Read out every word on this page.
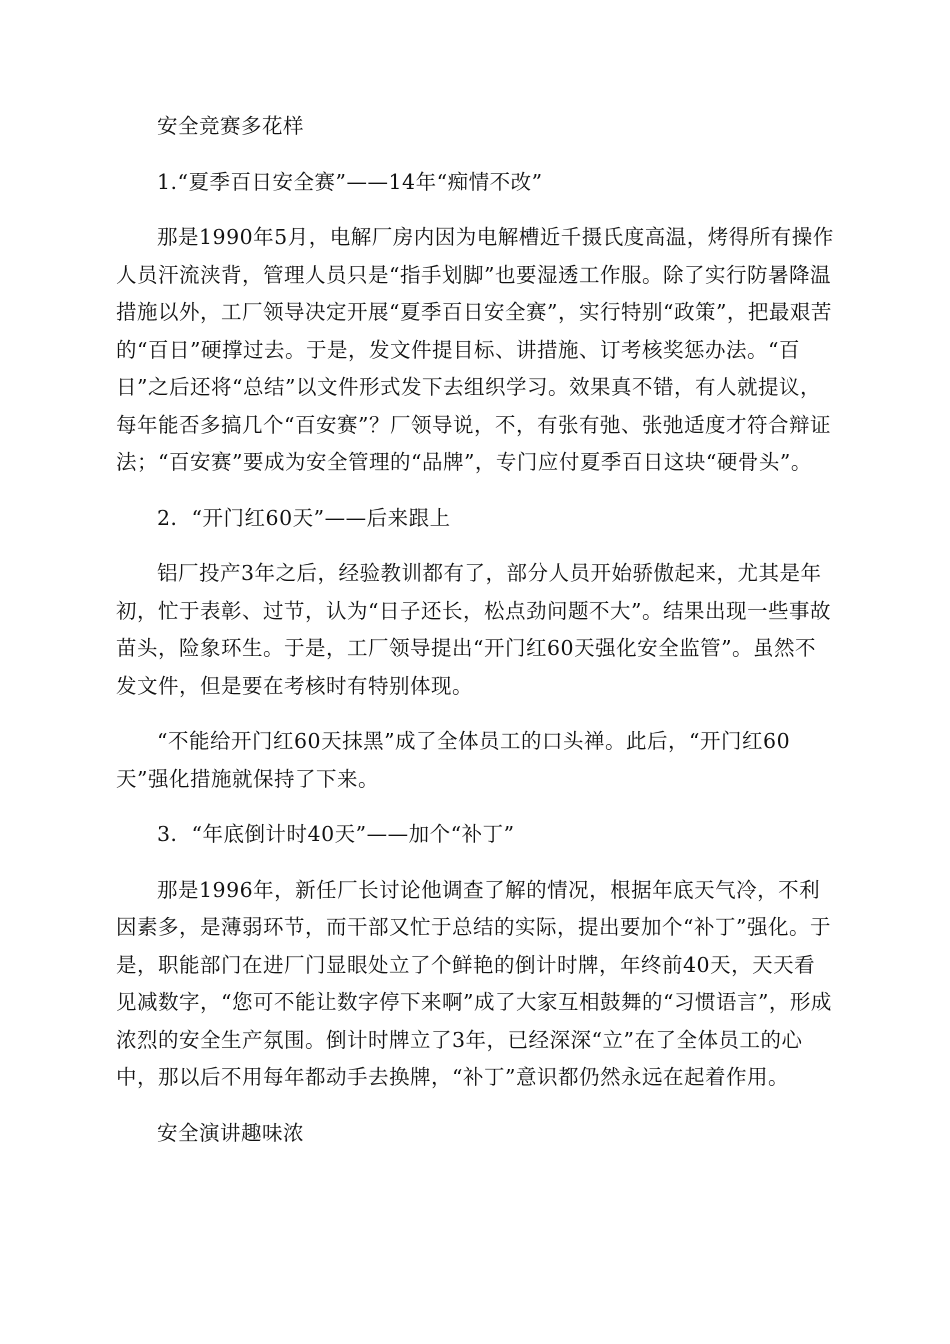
安全竞赛多花样

1.“夏季百日安全赛”——14年“痴情不改”

那是1990年5月，电解厂房内因为电解槽近千摄氏度高温，烤得所有操作人员汗流浃背，管理人员只是“指手划脚”也要湿透工作服。除了实行防暑降温措施以外，工厂领导决定开展“夏季百日安全赛”，实行特别“政策”，把最艰苦的“百日”硬撑过去。于是，发文件提目标、讲措施、订考核奖惩办法。“百日”之后还将“总结”以文件形式发下去组织学习。效果真不错，有人就提议，每年能否多搞几个“百安赛”？厂领导说，不，有张有弛、张弛适度才符合辩证法；“百安赛”要成为安全管理的“品牌”，专门应付夏季百日这块“硬骨头”。

2．“开门红60天”——后来跟上

铝厂投产3年之后，经验教训都有了，部分人员开始骄傲起来，尤其是年初，忙于表彰、过节，认为“日子还长，松点劲问题不大”。结果出现一些事故苗头，险象环生。于是，工厂领导提出“开门红60天强化安全监管”。虽然不发文件，但是要在考核时有特别体现。

“不能给开门红60天抹黑”成了全体员工的口头禅。此后，“开门红60天”强化措施就保持了下来。

3．“年底倒计时40天”——加个“补丁”

那是1996年，新任厂长讨论他调查了解的情况，根据年底天气冷，不利因素多，是薄弱环节，而干部又忙于总结的实际，提出要加个“补丁”强化。于是，职能部门在进厂门显眼处立了个鲜艳的倒计时牌，年终前40天，天天看见减数字，“您可不能让数字停下来啊”成了大家互相鼓舞的“习惯语言”，形成浓烈的安全生产氛围。倒计时牌立了3年，已经深深“立”在了全体员工的心中，那以后不用每年都动手去换牌，“补丁”意识都仍然永远在起着作用。

安全演讲趣味浓
